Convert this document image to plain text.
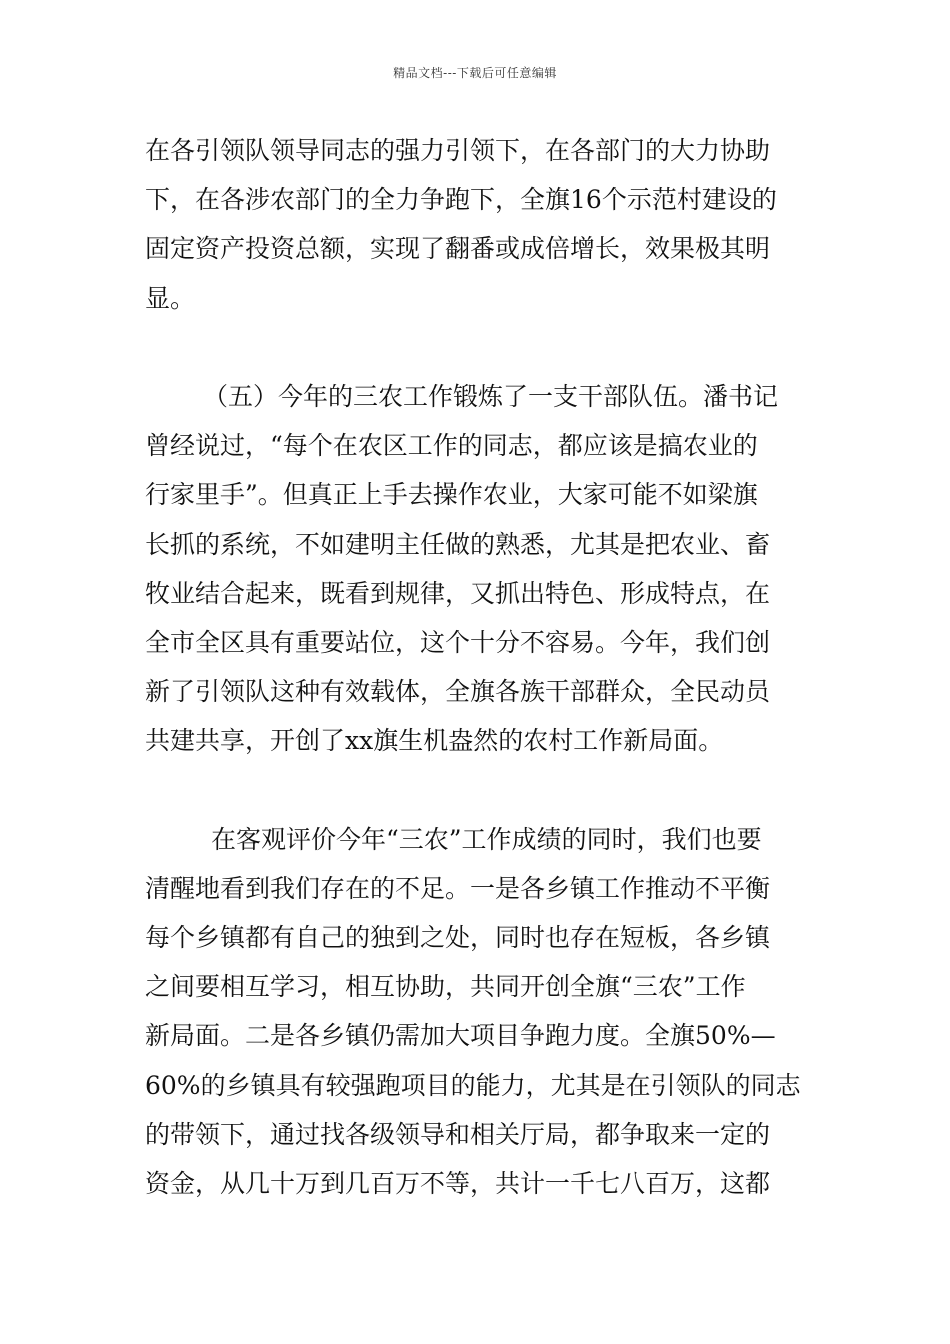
精品文档---下载后可任意编辑
在各引领队领导同志的强力引领下，在各部门的大力协助
下，在各涉农部门的全力争跑下，全旗16个示范村建设的
固定资产投资总额，实现了翻番或成倍增长，效果极其明
显。
（五）今年的三农工作锻炼了一支干部队伍。潘书记
曾经说过，“每个在农区工作的同志，都应该是搞农业的
行家里手”。但真正上手去操作农业，大家可能不如梁旗
长抓的系统，不如建明主任做的熟悉，尤其是把农业、畜
牧业结合起来，既看到规律，又抓出特色、形成特点，在
全市全区具有重要站位，这个十分不容易。今年，我们创
新了引领队这种有效载体，全旗各族干部群众，全民动员
共建共享，开创了xx旗生机盎然的农村工作新局面。
在客观评价今年“三农”工作成绩的同时，我们也要
清醒地看到我们存在的不足。一是各乡镇工作推动不平衡
每个乡镇都有自己的独到之处，同时也存在短板，各乡镇
之间要相互学习，相互协助，共同开创全旗“三农”工作
新局面。二是各乡镇仍需加大项目争跑力度。全旗50%—
60%的乡镇具有较强跑项目的能力，尤其是在引领队的同志
的带领下，通过找各级领导和相关厅局，都争取来一定的
资金，从几十万到几百万不等，共计一千七八百万，这都
